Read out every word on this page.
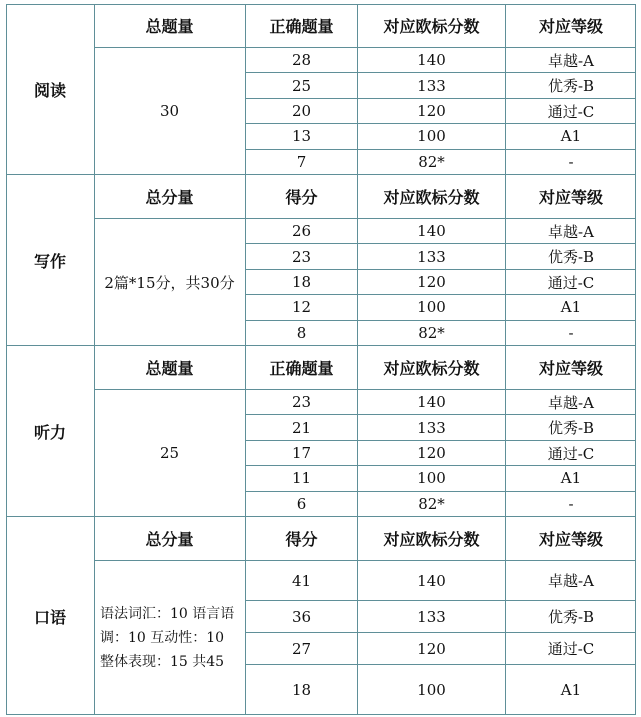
阅读
总题量	正确题量	对应欧标分数	对应等级
30
28	140	卓越-A
25	133	优秀-B
20	120	通过-C
13	100	A1
7	82*	-
写作
总分量	得分	对应欧标分数	对应等级
2篇*15分，共30分
26	140	卓越-A
23	133	优秀-B
18	120	通过-C
12	100	A1
8	82*	-
听力
总题量	正确题量	对应欧标分数	对应等级
25
23	140	卓越-A
21	133	优秀-B
17	120	通过-C
11	100	A1
6	82*	-
口语
总分量	得分	对应欧标分数	对应等级
语法词汇：10 语言语调：10 互动性：10　整体表现：15 共45
41	140	卓越-A
36	133	优秀-B
27	120	通过-C
18	100	A1
